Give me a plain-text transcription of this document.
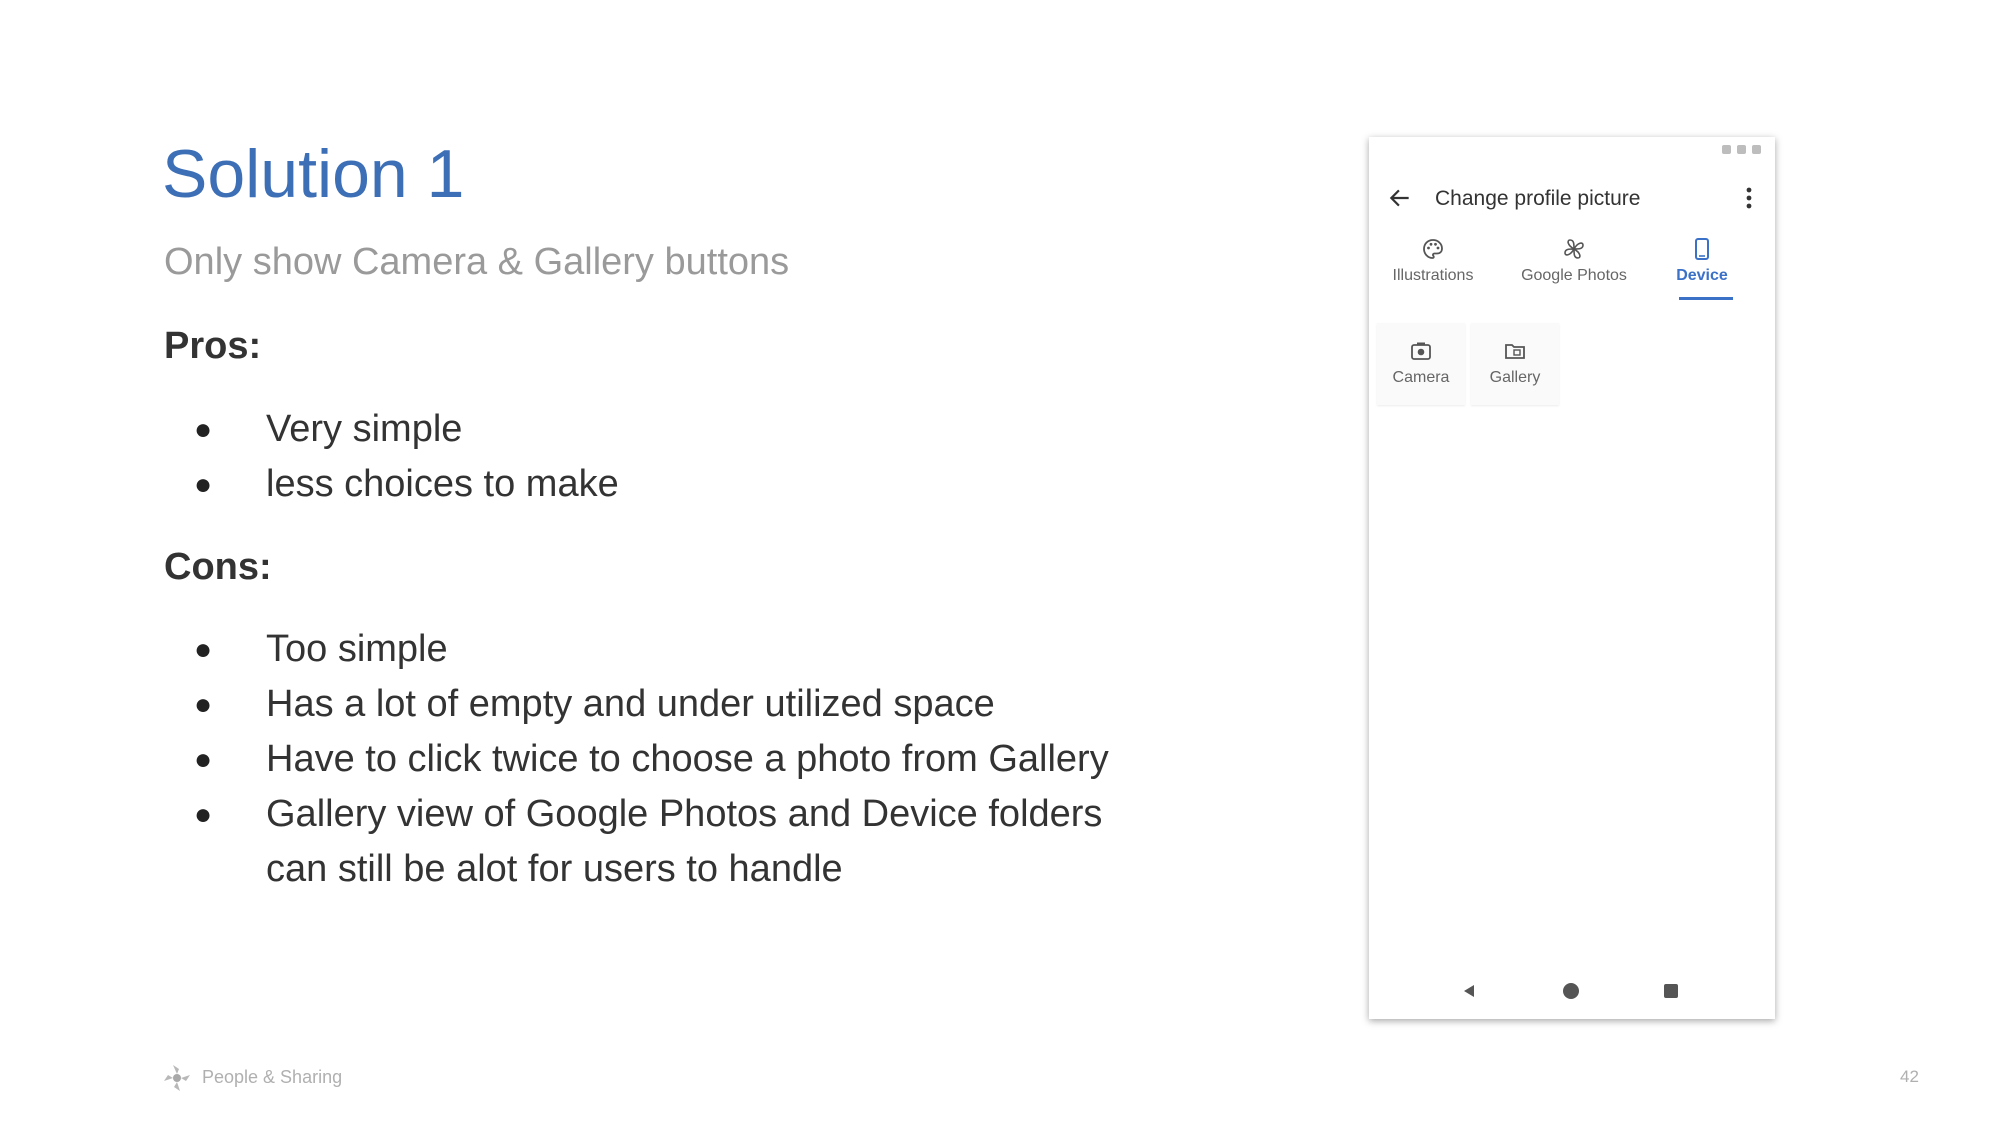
Solution 1
Only show Camera & Gallery buttons
Pros:
● Very simple
● less choices to make
Cons:
● Too simple
● Has a lot of empty and under utilized space
● Have to click twice to choose a photo from Gallery
● Gallery view of Google Photos and Device folders can still be alot for users to handle
People & Sharing	42
Change profile picture
Illustrations	Google Photos	Device
Camera	Gallery
